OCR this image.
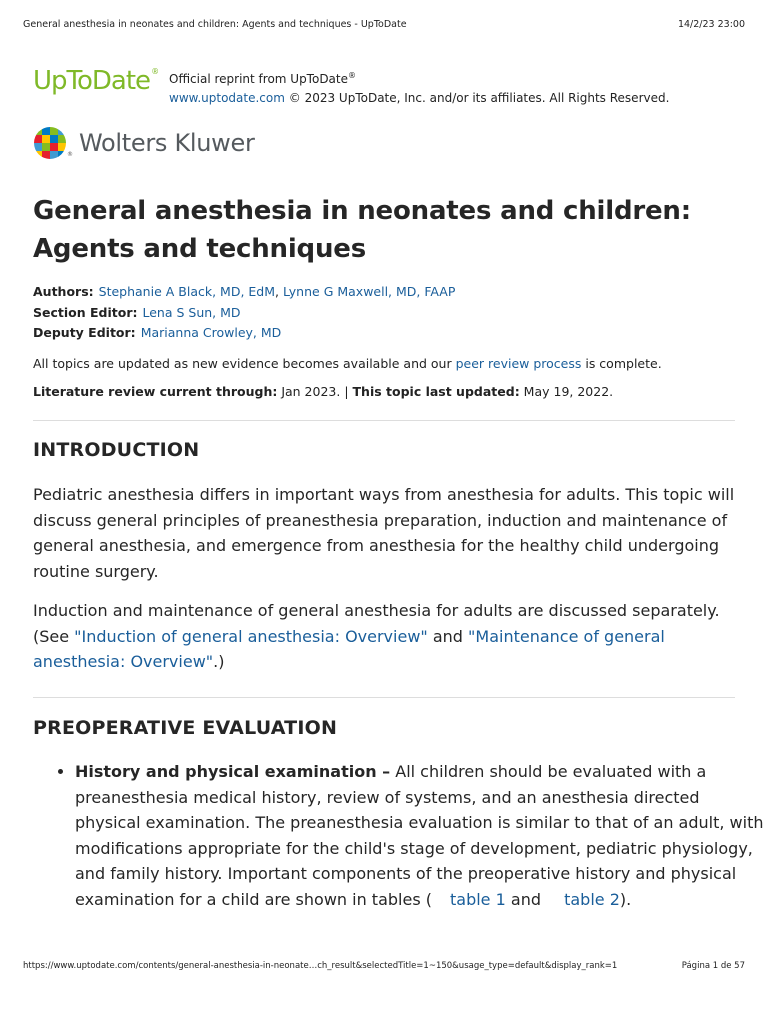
General anesthesia in neonates and children: Agents and techniques - UpToDate	14/2/23 23:00
UpToDate®
Official reprint from UpToDate®
www.uptodate.com © 2023 UpToDate, Inc. and/or its affiliates. All Rights Reserved.
® Wolters Kluwer
General anesthesia in neonates and children: Agents and techniques
Authors: Stephanie A Black, MD, EdM, Lynne G Maxwell, MD, FAAP
Section Editor: Lena S Sun, MD
Deputy Editor: Marianna Crowley, MD
All topics are updated as new evidence becomes available and our peer review process is complete.
Literature review current through: Jan 2023. | This topic last updated: May 19, 2022.
INTRODUCTION

Pediatric anesthesia differs in important ways from anesthesia for adults. This topic will discuss general principles of preanesthesia preparation, induction and maintenance of general anesthesia, and emergence from anesthesia for the healthy child undergoing routine surgery.

Induction and maintenance of general anesthesia for adults are discussed separately. (See "Induction of general anesthesia: Overview" and "Maintenance of general anesthesia: Overview".)

PREOPERATIVE EVALUATION
• History and physical examination – All children should be evaluated with a preanesthesia medical history, review of systems, and an anesthesia directed physical examination. The preanesthesia evaluation is similar to that of an adult, with modifications appropriate for the child's stage of development, pediatric physiology, and family history. Important components of the preoperative history and physical examination for a child are shown in tables ( table 1 and table 2).
https://www.uptodate.com/contents/general-anesthesia-in-neonate…ch_result&selectedTitle=1~150&usage_type=default&display_rank=1	Página 1 de 57
